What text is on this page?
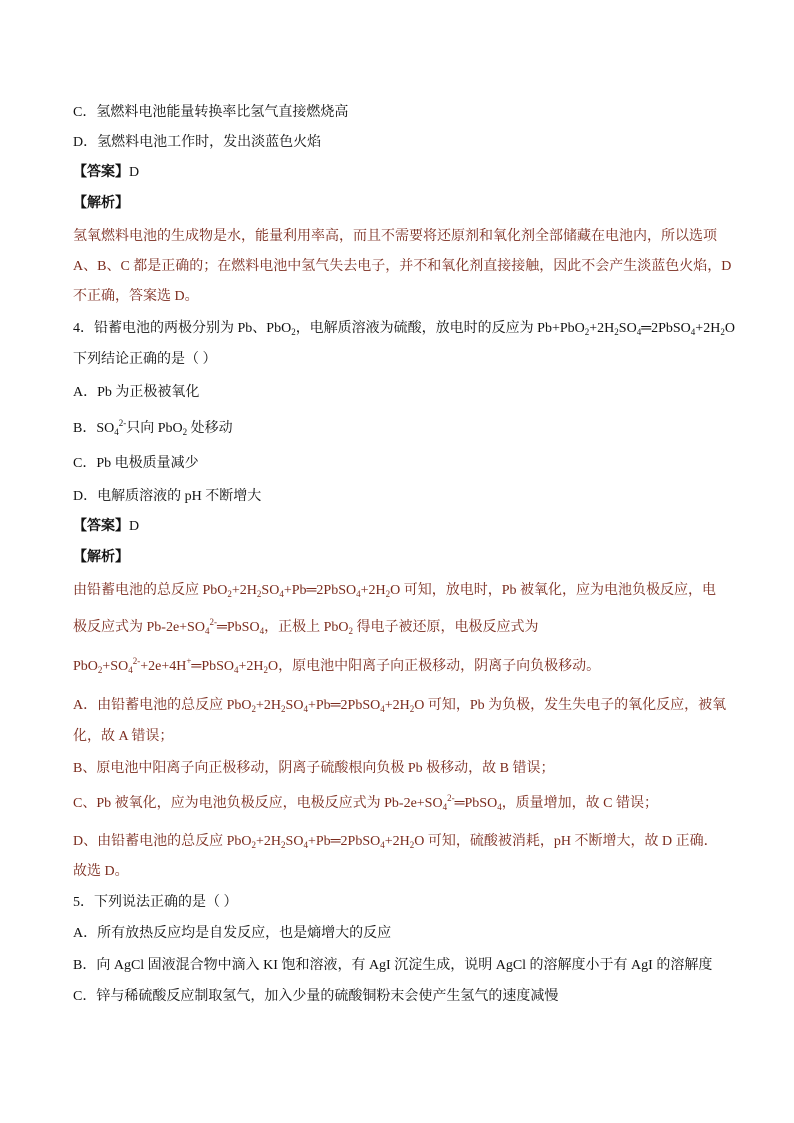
C．氢燃料电池能量转换率比氢气直接燃烧高
D．氢燃料电池工作时，发出淡蓝色火焰
【答案】D
【解析】
氢氧燃料电池的生成物是水，能量利用率高，而且不需要将还原剂和氧化剂全部储藏在电池内，所以选项
A、B、C 都是正确的；在燃料电池中氢气失去电子，并不和氧化剂直接接触，因此不会产生淡蓝色火焰，D
不正确，答案选 D。
4．铅蓄电池的两极分别为 Pb、PbO$_2$，电解质溶液为硫酸，放电时的反应为 $Pb+PbO_2+2H_2SO_4═2PbSO_4+2H_2O$
下列结论正确的是（ ）
A．Pb 为正极被氧化
B．$SO_4^{2-}$只向 PbO$_2$ 处移动
C．Pb 电极质量减少
D．电解质溶液的 pH 不断增大
【答案】D
【解析】
由铅蓄电池的总反应 $PbO_2+2H_2SO_4+Pb═2PbSO_4+2H_2O$ 可知，放电时，Pb 被氧化，应为电池负极反应，电
极反应式为 $Pb-2e+SO_4^{2-}═PbSO_4$，正极上 PbO$_2$ 得电子被还原，电极反应式为
$PbO_2+SO_4^{2-}+2e+4H^+═PbSO_4+2H_2O$，原电池中阳离子向正极移动，阴离子向负极移动。
A．由铅蓄电池的总反应 $PbO_2+2H_2SO_4+Pb═2PbSO_4+2H_2O$ 可知，Pb 为负极，发生失电子的氧化反应，被氧
化，故 A 错误；
B、原电池中阳离子向正极移动，阴离子硫酸根向负极 Pb 极移动，故 B 错误；
C、Pb 被氧化，应为电池负极反应，电极反应式为 $Pb-2e+SO_4^{2-}═PbSO_4$，质量增加，故 C 错误；
D、由铅蓄电池的总反应 $PbO_2+2H_2SO_4+Pb═2PbSO_4+2H_2O$ 可知，硫酸被消耗，pH 不断增大，故 D 正确．
故选 D。
5．下列说法正确的是（ ）
A．所有放热反应均是自发反应，也是熵增大的反应
B．向 AgCl 固液混合物中滴入 KI 饱和溶液，有 AgI 沉淀生成，说明 AgCl 的溶解度小于有 AgI 的溶解度
C．锌与稀硫酸反应制取氢气，加入少量的硫酸铜粉末会使产生氢气的速度减慢
